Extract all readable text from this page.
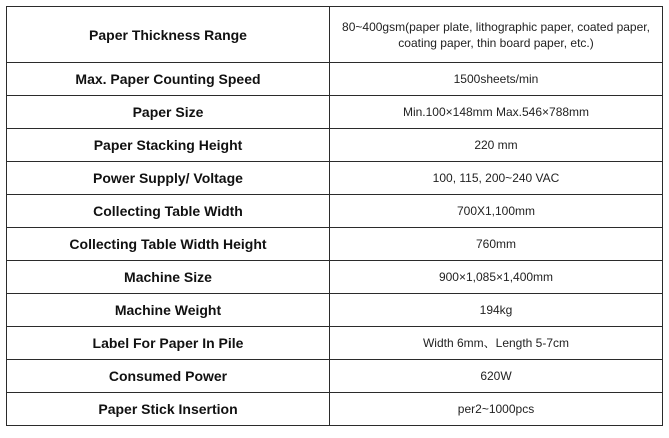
Paper Thickness Range	80~400gsm(paper plate, lithographic paper, coated paper, coating paper, thin board paper, etc.)
Max. Paper Counting Speed	1500sheets/min
Paper Size	Min.100×148mm Max.546×788mm
Paper Stacking Height	220 mm
Power Supply/ Voltage	100, 115, 200~240 VAC
Collecting Table Width	700X1,100mm
Collecting Table Width Height	760mm
Machine Size	900×1,085×1,400mm
Machine Weight	194kg
Label For Paper In Pile	Width 6mm、Length 5-7cm
Consumed Power	620W
Paper Stick Insertion	per2~1000pcs
